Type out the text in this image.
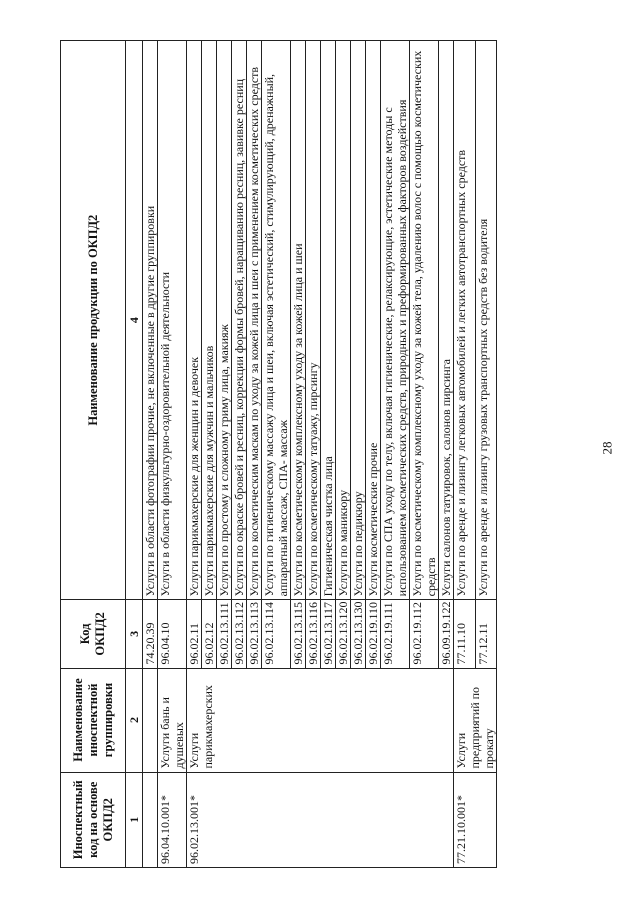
28
Иноспектный код на основе ОКПД2	Наименование иноспектной группировки	Код ОКПД2	Наименование продукции по ОКПД2
1	2	3	4
		74.20.39	Услуги в области фотографии прочие, не включенные в другие группировки
96.04.10.001*	Услуги бань и душевых	96.04.10	Услуги в области физкультурно-оздоровительной деятельности
96.02.13.001*	Услуги парикмахерских	96.02.11	Услуги парикмахерские для женщин и девочек
		96.02.12	Услуги парикмахерские для мужчин и мальчиков
		96.02.13.111	Услуги по простому и сложному гриму лица, макияж
		96.02.13.112	Услуги по окраске бровей и ресниц, коррекции формы бровей, наращиванию ресниц, завивке ресниц
		96.02.13.113	Услуги по косметическим маскам по уходу за кожей лица и шеи с применением косметических средств
		96.02.13.114	Услуги по гигиеническому массажу лица и шеи, включая эстетический, стимулирующий, дренажный, аппаратный массаж, СПА- массаж
		96.02.13.115	Услуги по косметическому комплексному уходу за кожей лица и шеи
		96.02.13.116	Услуги по косметическому татуажу, пирсингу
		96.02.13.117	Гигиеническая чистка лица
		96.02.13.120	Услуги по маникюру
		96.02.13.130	Услуги по педикюру
		96.02.19.110	Услуги косметические прочие
		96.02.19.111	Услуги по СПА уходу по телу, включая гигиенические, релаксирующие, эстетические методы с использованием косметических средств, природных и преформированных факторов воздействия
		96.02.19.112	Услуги по косметическому комплексному уходу за кожей тела, удалению волос с помощью косметических средств
		96.09.19.122	Услуги салонов татуировок, салонов пирсинга
77.21.10.001*	Услуги предприятий по прокату	77.11.10	Услуги по аренде и лизингу легковых автомобилей и легких автотранспортных средств
		77.12.11	Услуги по аренде и лизингу грузовых транспортных средств без водителя
